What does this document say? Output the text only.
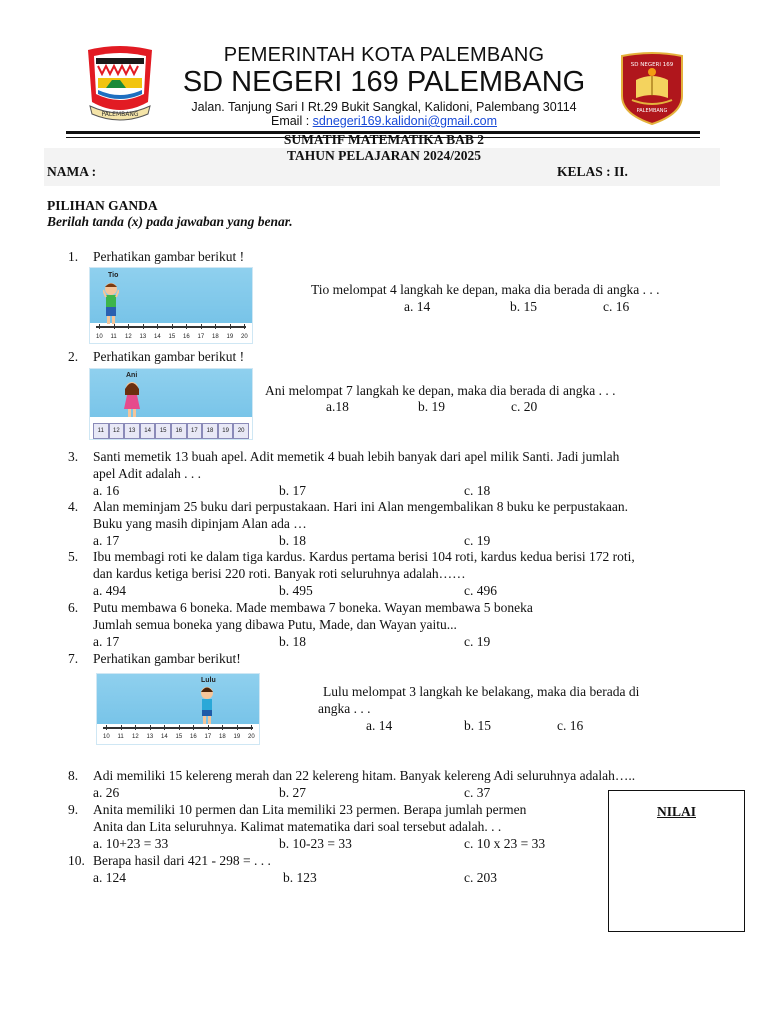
PALEMBANG
PEMERINTAH KOTA PALEMBANG
SD NEGERI 169 PALEMBANG
Jalan. Tanjung Sari I Rt.29 Bukit Sangkal, Kalidoni, Palembang 30114
Email : sdnegeri169.kalidoni@gmail.com
SD NEGERI 169
PALEMBANG
SUMATIF MATEMATIKA BAB 2
TAHUN PELAJARAN 2024/2025
NAMA :	KELAS : II.
PILIHAN GANDA
Berilah tanda (x) pada jawaban yang benar.
1. Perhatikan gambar berikut !
Tio
10 11 12 13 14 15 16 17 18 19 20
Tio melompat 4 langkah ke depan, maka dia berada di angka . . .
a. 14	b. 15	c. 16
2. Perhatikan gambar berikut !
Ani
11	12	13	14	15	16	17	18	19	20
Ani melompat 7 langkah ke depan, maka dia berada di angka . . .
a.18	b. 19	c. 20
3. Santi memetik 13 buah apel. Adit memetik 4 buah lebih banyak dari apel milik Santi. Jadi jumlah
apel Adit adalah . . .
a. 16	b. 17	c. 18
4. Alan meminjam 25 buku dari perpustakaan. Hari ini Alan mengembalikan 8 buku ke perpustakaan.
Buku yang masih dipinjam Alan ada …
a. 17	b. 18	c. 19
5. Ibu membagi roti ke dalam tiga kardus. Kardus pertama berisi 104 roti, kardus kedua berisi 172 roti,
dan kardus ketiga berisi 220 roti. Banyak roti seluruhnya adalah……
a. 494	b. 495	c. 496
6. Putu membawa 6 boneka. Made membawa 7 boneka. Wayan membawa 5 boneka
Jumlah semua boneka yang dibawa Putu, Made, dan Wayan yaitu...
a. 17	b. 18	c. 19
7. Perhatikan gambar berikut!
Lulu
10 11 12 13 14 15 16 17 18 19 20
Lulu melompat 3 langkah ke belakang, maka dia berada di
angka . . .
a. 14	b. 15	c. 16
8. Adi memiliki 15 kelereng merah dan 22 kelereng hitam. Banyak kelereng Adi seluruhnya adalah…..
a. 26	b. 27	c. 37
9. Anita memiliki 10 permen dan Lita memiliki 23 permen. Berapa jumlah permen
Anita dan Lita seluruhnya. Kalimat matematika dari soal tersebut adalah. . .
a. 10+23 = 33	b. 10-23 = 33	c. 10 x 23 = 33
10. Berapa hasil dari 421 - 298 = . . .
a. 124	b. 123	c. 203
NILAI
